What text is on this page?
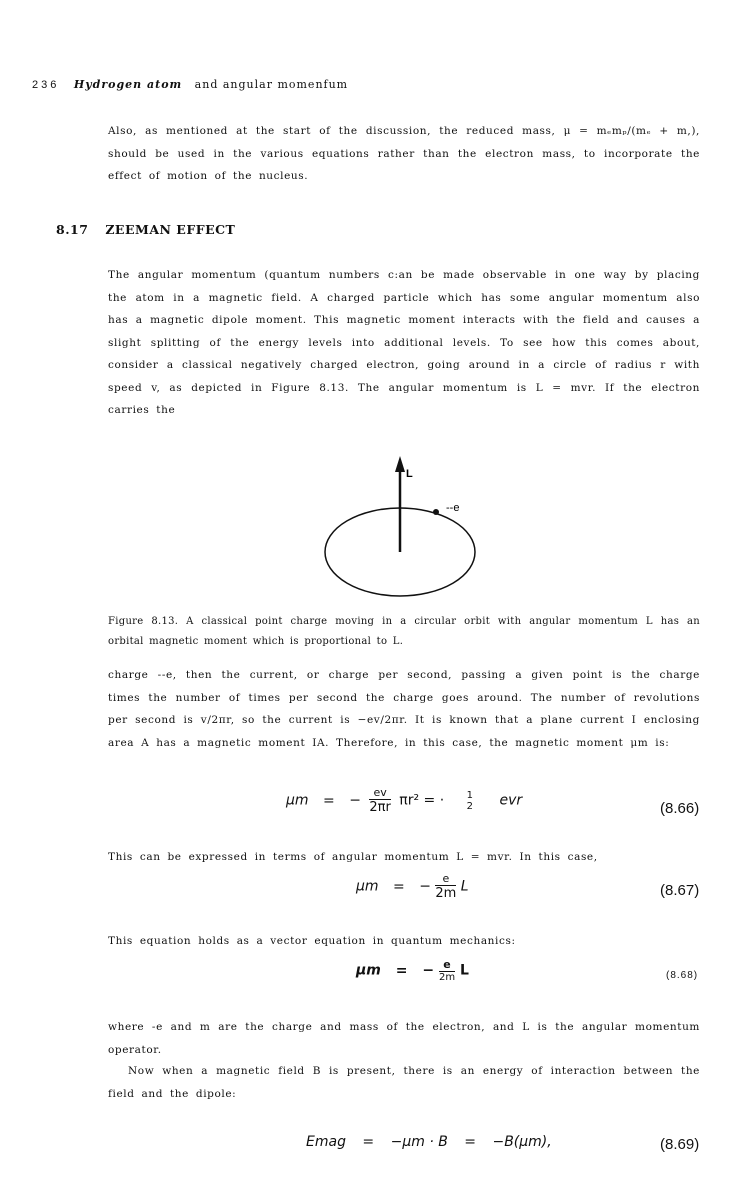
236 Hydrogen atom and angular momenfum
Also, as mentioned at the start of the discussion, the reduced mass, μ = mₑmₚ/(mₑ + m,), should be used in the various equations rather than the electron mass, to incorporate the effect of motion of the nucleus.
8.17 ZEEMAN EFFECT
The angular momentum (quantum numbers c:an be made observable in one way by placing the atom in a magnetic field. A charged particle which has some angular momentum also has a magnetic dipole moment. This magnetic moment interacts with the field and causes a slight splitting of the energy levels into additional levels. To see how this comes about, consider a classical negatively charged electron, going around in a circle of radius r with speed v, as depicted in Figure 8.13. The angular momentum is L = mvr. If the electron carries the
L
--e
Figure 8.13. A classical point charge moving in a circular orbit with angular momentum L has an orbital magnetic moment which is proportional to L.
charge --e, then the current, or charge per second, passing a given point is the charge times the number of times per second the charge goes around. The number of revolutions per second is v/2πr, so the current is −ev/2πr. It is known that a plane current I enclosing area A has a magnetic moment IA. Therefore, in this case, the magnetic moment μm is:
μm = − $\frac{ev}{2\pi r} \pi r^2$ = ·	1
2 evr	(8.66)
This can be expressed in terms of angular momentum L = mvr. In this case,
μm = − $\frac{e}{2m}$ L	(8.67)
This equation holds as a vector equation in quantum mechanics:
μm = − $\frac{e}{2m}$ L	(8.68)
where -e and m are the charge and mass of the electron, and L is the angular momentum operator.
Now when a magnetic field B is present, there is an energy of interaction between the field and the dipole:
Emag = −μm · B = −B(μm),	(8.69)
